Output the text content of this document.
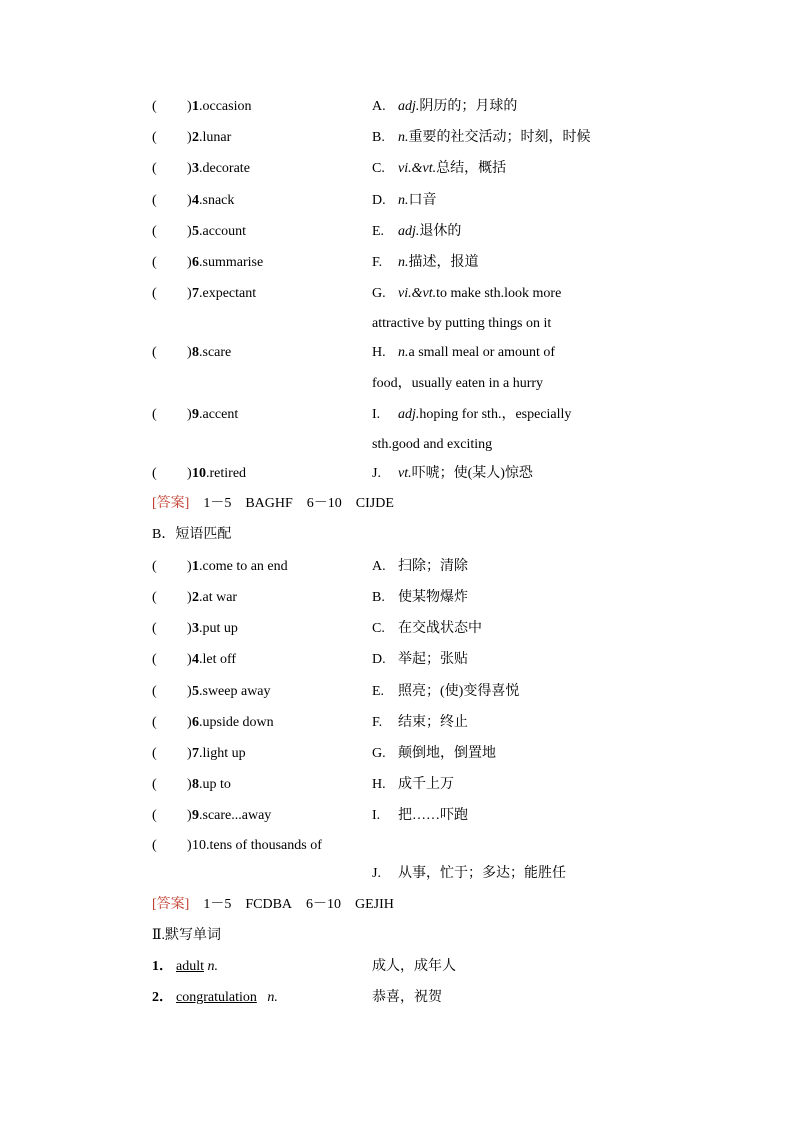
( ) 1.occasion	A. adj.阴历的；月球的
( ) 2.lunar	B. n.重要的社交活动；时刻，时候
( ) 3.decorate	C. vi.&vt.总结，概括
( ) 4.snack	D. n.口音
( ) 5.account	E. adj.退休的
( ) 6.summarise	F. n.描述，报道
( ) 7.expectant	G. vi.&vt.to make sth.look more
attractive by putting things on it
( ) 8.scare	H. n.a small meal or amount of
food，usually eaten in a hurry
( ) 9.accent	I. adj.hoping for sth.，especially
sth.good and exciting
( ) 10.retired	J. vt.吓唬；使(某人)惊恐
[答案] 1－5 BAGHF 6－10 CIJDE
B．短语匹配
( ) 1.come to an end	A. 扫除；清除
( ) 2.at war	B. 使某物爆炸
( ) 3.put up	C. 在交战状态中
( ) 4.let off	D. 举起；张贴
( ) 5.sweep away	E. 照亮；(使)变得喜悦
( ) 6.upside down	F. 结束；终止
( ) 7.light up	G. 颠倒地，倒置地
( ) 8.up to	H. 成千上万
( ) 9.scare...away	I. 把……吓跑
( ) 10.tens of thousands of
J. 从事，忙于；多达；能胜任
[答案] 1－5 FCDBA 6－10 GEJIH
Ⅱ.默写单词
1． adult n.	成人，成年人
2． congratulation n.	恭喜，祝贺
